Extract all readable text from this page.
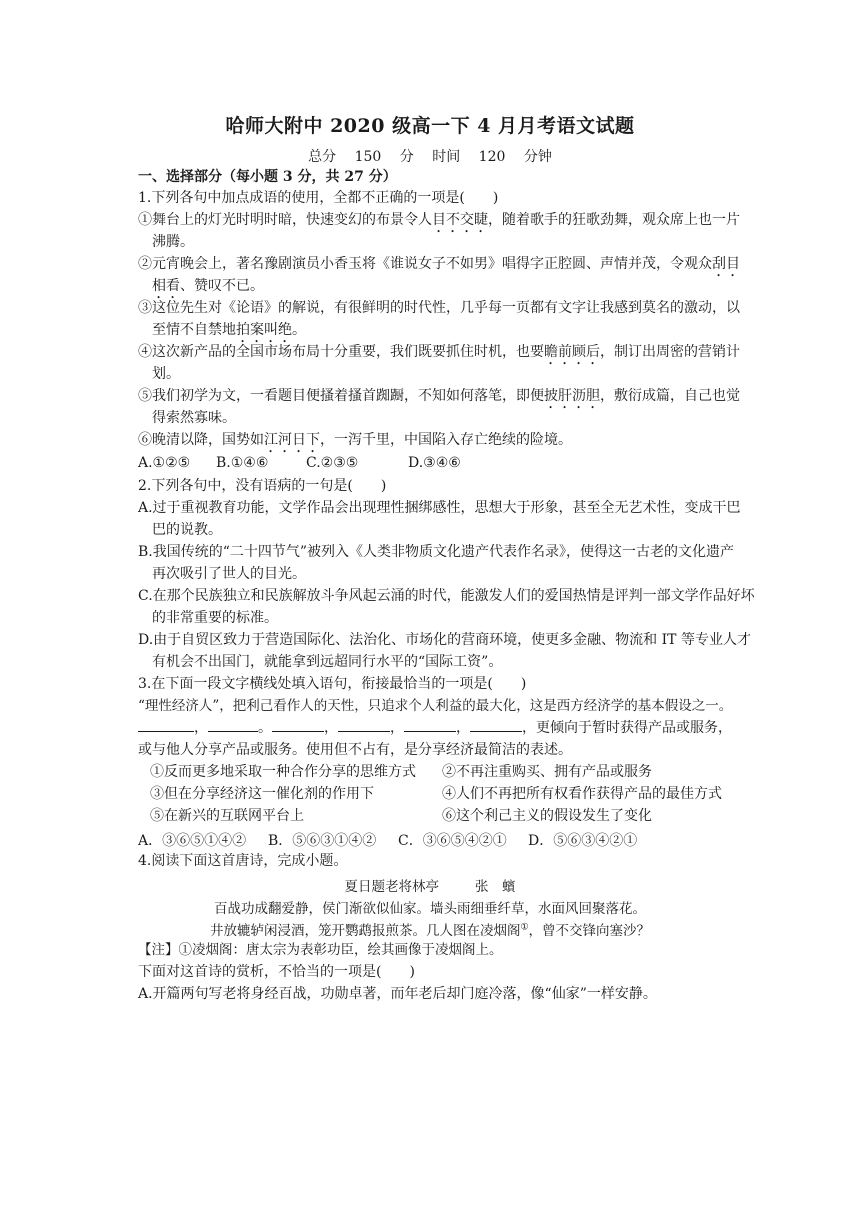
哈师大附中 2020 级高一下 4 月月考语文试题
总分 150 分 时间 120 分钟
一、选择部分（每小题 3 分，共 27 分）
1.下列各句中加点成语的使用，全都不正确的一项是(　　)
①舞台上的灯光时明时暗，快速变幻的布景令人目不交睫，随着歌手的狂歌劲舞，观众席上也一片
沸腾。
②元宵晚会上，著名豫剧演员小香玉将《谁说女子不如男》唱得字正腔圆、声情并茂，令观众刮目
相看、赞叹不已。
③这位先生对《论语》的解说，有很鲜明的时代性，几乎每一页都有文字让我感到莫名的激动，以
至情不自禁地拍案叫绝。
④这次新产品的全国市场布局十分重要，我们既要抓住时机，也要瞻前顾后，制订出周密的营销计
划。
⑤我们初学为文，一看题目便搔着搔首踟蹰，不知如何落笔，即便披肝沥胆，敷衍成篇，自己也觉
得索然寡味。
⑥晚清以降，国势如江河日下，一泻千里，中国陷入存亡绝续的险境。
A.①②⑤ B.①④⑥	C.②③⑤	D.③④⑥
2.下列各句中，没有语病的一句是(　　)
A.过于重视教育功能，文学作品会出现理性捆绑感性，思想大于形象，甚至全无艺术性，变成干巴
巴的说教。
B.我国传统的“二十四节气”被列入《人类非物质文化遗产代表作名录》，使得这一古老的文化遗产
再次吸引了世人的目光。
C.在那个民族独立和民族解放斗争风起云涌的时代，能激发人们的爱国热情是评判一部文学作品好坏
的非常重要的标准。
D.由于自贸区致力于营造国际化、法治化、市场化的营商环境，使更多金融、物流和 IT 等专业人才
有机会不出国门，就能拿到远超同行水平的“国际工资”。
3.在下面一段文字横线处填入语句，衔接最恰当的一项是(　　)
“理性经济人”，把利己看作人的天性，只追求个人利益的最大化，这是西方经济学的基本假设之一。
，	。	，	，	，	，更倾向于暂时获得产品或服务，
或与他人分享产品或服务。使用但不占有，是分享经济最简洁的表述。
①反而更多地采取一种合作分享的思维方式 ②不再注重购买、拥有产品或服务
③但在分享经济这一催化剂的作用下	④人们不再把所有权看作获得产品的最佳方式
⑤在新兴的互联网平台上	⑥这个利己主义的假设发生了变化
A．③⑥⑤①④② B．⑤⑥③①④② C．③⑥⑤④②① D．⑤⑥③④②①
4.阅读下面这首唐诗，完成小题。
夏日题老将林亭	张　蠙
百战功成翻爱静，侯门渐欲似仙家。墙头雨细垂纤草，水面风回聚落花。
井放辘轳闲浸酒，笼开鹦鹉报煎茶。几人图在凌烟阁①，曾不交锋向塞沙？
【注】①凌烟阁：唐太宗为表彰功臣，绘其画像于凌烟阁上。
下面对这首诗的赏析，不恰当的一项是(　　)
A.开篇两句写老将身经百战，功勋卓著，而年老后却门庭冷落，像“仙家”一样安静。
